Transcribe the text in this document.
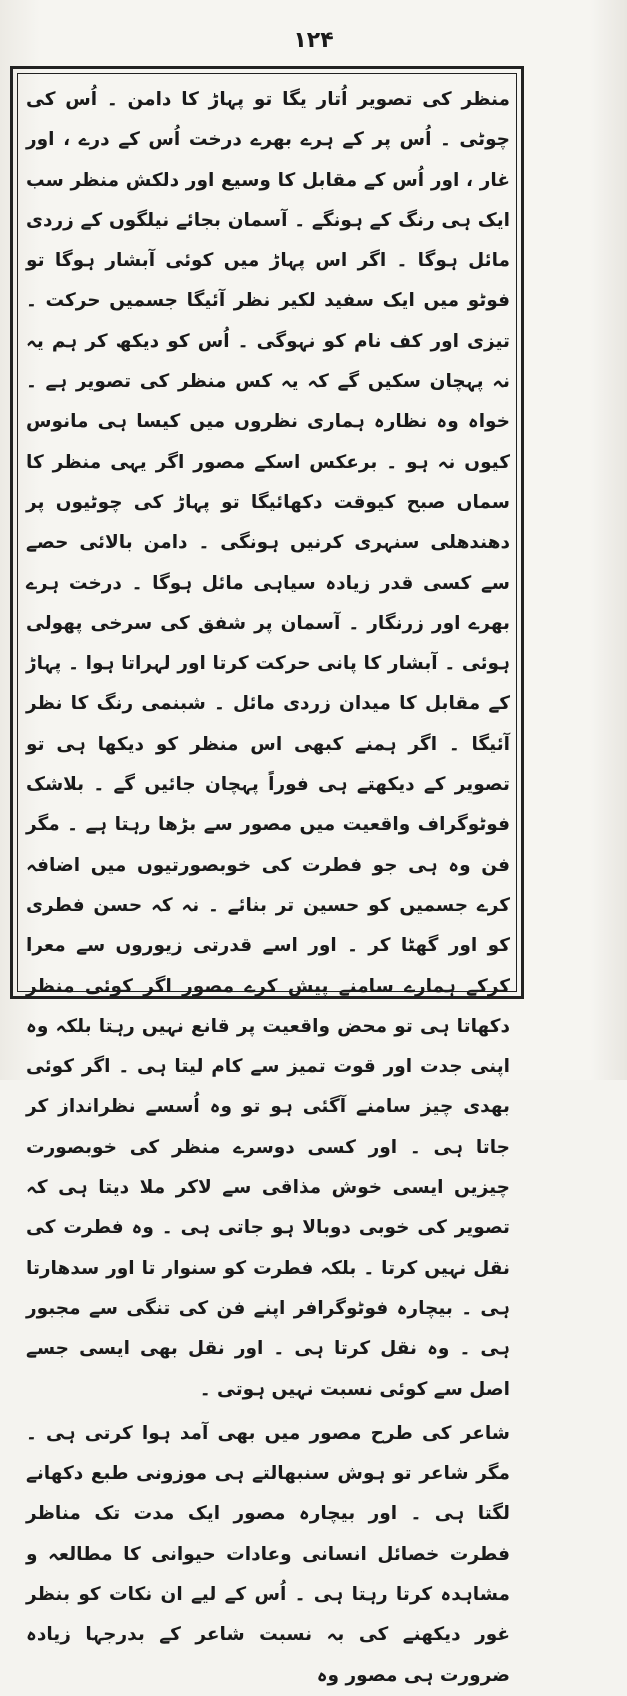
۱۲۴

منظر کی تصویر اُتار یگا تو پہاڑ کا دامن ۔ اُس کی چوٹی ۔ اُس پر کے ہرے بھرے درخت اُس کے درے ، اور غار ، اور اُس کے مقابل کا وسیع اور دلکش منظر سب ایک ہی رنگ کے ہونگے ۔ آسمان بجائے نیلگوں کے زردی مائل ہوگا ۔ اگر اس پہاڑ میں کوئی آبشار ہوگا تو فوٹو میں ایک سفید لکیر نظر آئیگا جسمیں حرکت ۔ تیزی اور کف نام کو نہوگی ۔ اُس کو دیکھ کر ہم یہ نہ پہچان سکیں گے کہ یہ کس منظر کی تصویر ہے ۔ خواہ وہ نظارہ ہماری نظروں میں کیسا ہی مانوس کیوں نہ ہو ۔ برعکس اسکے مصور اگر یہی منظر کا سماں صبح کیوقت دکھائیگا تو پہاڑ کی چوٹیوں پر دھندھلی سنہری کرنیں ہونگی ۔ دامن بالائی حصے سے کسی قدر زیادہ سیاہی مائل ہوگا ۔ درخت ہرے بھرے اور زرنگار ۔ آسمان پر شفق کی سرخی پھولی ہوئی ۔ آبشار کا پانی حرکت کرتا اور لہراتا ہوا ۔ پہاڑ کے مقابل کا میدان زردی مائل ۔ شبنمی رنگ کا نظر آئیگا ۔ اگر ہمنے کبھی اس منظر کو دیکھا ہی تو تصویر کے دیکھتے ہی فوراً پہچان جائیں گے ۔ بلاشک فوٹوگراف واقعیت میں مصور سے بڑھا رہتا ہے ۔ مگر فن وہ ہی جو فطرت کی خوبصورتیوں میں اضافہ کرے جسمیں کو حسین تر بنائے ۔ نہ کہ حسن فطری کو اور گھٹا کر ۔ اور اسے قدرتی زیوروں سے معرا کرکے ہمارے سامنے پیش کرے مصور اگر کوئی منظر دکھاتا ہی تو محض واقعیت پر قانع نہیں رہتا بلکہ وہ اپنی جدت اور قوت تمیز سے کام لیتا ہی ۔ اگر کوئی بھدی چیز سامنے آگئی ہو تو وہ اُسسے نظرانداز کر جاتا ہی ۔ اور کسی دوسرے منظر کی خوبصورت چیزیں ایسی خوش مذاقی سے لاکر ملا دیتا ہی کہ تصویر کی خوبی دوبالا ہو جاتی ہی ۔ وہ فطرت کی نقل نہیں کرتا ۔ بلکہ فطرت کو سنوار تا اور سدھارتا ہی ۔ بیچارہ فوٹوگرافر اپنے فن کی تنگی سے مجبور ہی ۔ وہ نقل کرتا ہی ۔ اور نقل بھی ایسی جسے اصل سے کوئی نسبت نہیں ہوتی ۔

شاعر کی طرح مصور میں بھی آمد ہوا کرتی ہی ۔ مگر شاعر تو ہوش سنبھالتے ہی موزونی طبع دکھانے لگتا ہی ۔ اور بیچارہ مصور ایک مدت تک مناظر فطرت خصائل انسانی وعادات حیوانی کا مطالعہ و مشاہدہ کرتا رہتا ہی ۔ اُس کے لیے ان نکات کو بنظر غور دیکھنے کی بہ نسبت شاعر کے بدرجہا زیادہ ضرورت ہی مصور وہ
